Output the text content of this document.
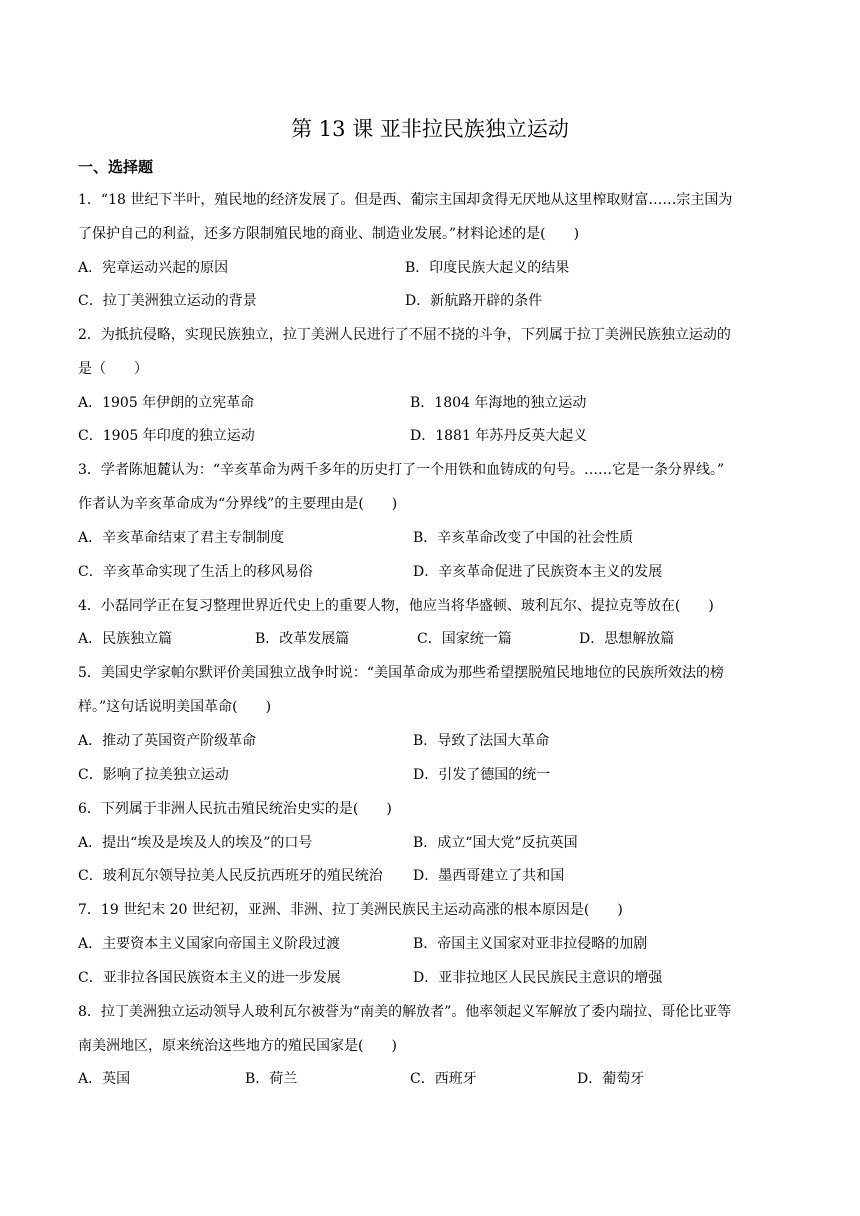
第 13 课 亚非拉民族独立运动
一、选择题
1．“18 世纪下半叶，殖民地的经济发展了。但是西、葡宗主国却贪得无厌地从这里榨取财富……宗主国为
了保护自己的利益，还多方限制殖民地的商业、制造业发展。”材料论述的是(　　)
A．宪章运动兴起的原因	B．印度民族大起义的结果
C．拉丁美洲独立运动的背景	D．新航路开辟的条件
2．为抵抗侵略，实现民族独立，拉丁美洲人民进行了不屈不挠的斗争，下列属于拉丁美洲民族独立运动的
是（　　）
A．1905 年伊朗的立宪革命	B．1804 年海地的独立运动
C．1905 年印度的独立运动	D．1881 年苏丹反英大起义
3．学者陈旭麓认为：“辛亥革命为两千多年的历史打了一个用铁和血铸成的句号。……它是一条分界线。”
作者认为辛亥革命成为“分界线”的主要理由是(　　)
A．辛亥革命结束了君主专制制度	B．辛亥革命改变了中国的社会性质
C．辛亥革命实现了生活上的移风易俗	D．辛亥革命促进了民族资本主义的发展
4．小磊同学正在复习整理世界近代史上的重要人物，他应当将华盛顿、玻利瓦尔、提拉克等放在(　　)
A．民族独立篇	B．改革发展篇	C．国家统一篇	D．思想解放篇
5．美国史学家帕尔默评价美国独立战争时说：“美国革命成为那些希望摆脱殖民地地位的民族所效法的榜
样。”这句话说明美国革命(　　)
A．推动了英国资产阶级革命	B．导致了法国大革命
C．影响了拉美独立运动	D．引发了德国的统一
6．下列属于非洲人民抗击殖民统治史实的是(　　)
A．提出“埃及是埃及人的埃及”的口号	B．成立“国大党”反抗英国
C．玻利瓦尔领导拉美人民反抗西班牙的殖民统治 D．墨西哥建立了共和国
7．19 世纪末 20 世纪初，亚洲、非洲、拉丁美洲民族民主运动高涨的根本原因是(　　)
A．主要资本主义国家向帝国主义阶段过渡	B．帝国主义国家对亚非拉侵略的加剧
C．亚非拉各国民族资本主义的进一步发展	D．亚非拉地区人民民族民主意识的增强
8．拉丁美洲独立运动领导人玻利瓦尔被誉为“南美的解放者”。他率领起义军解放了委内瑞拉、哥伦比亚等
南美洲地区，原来统治这些地方的殖民国家是(　　)
A．英国	B．荷兰	C．西班牙	D．葡萄牙
